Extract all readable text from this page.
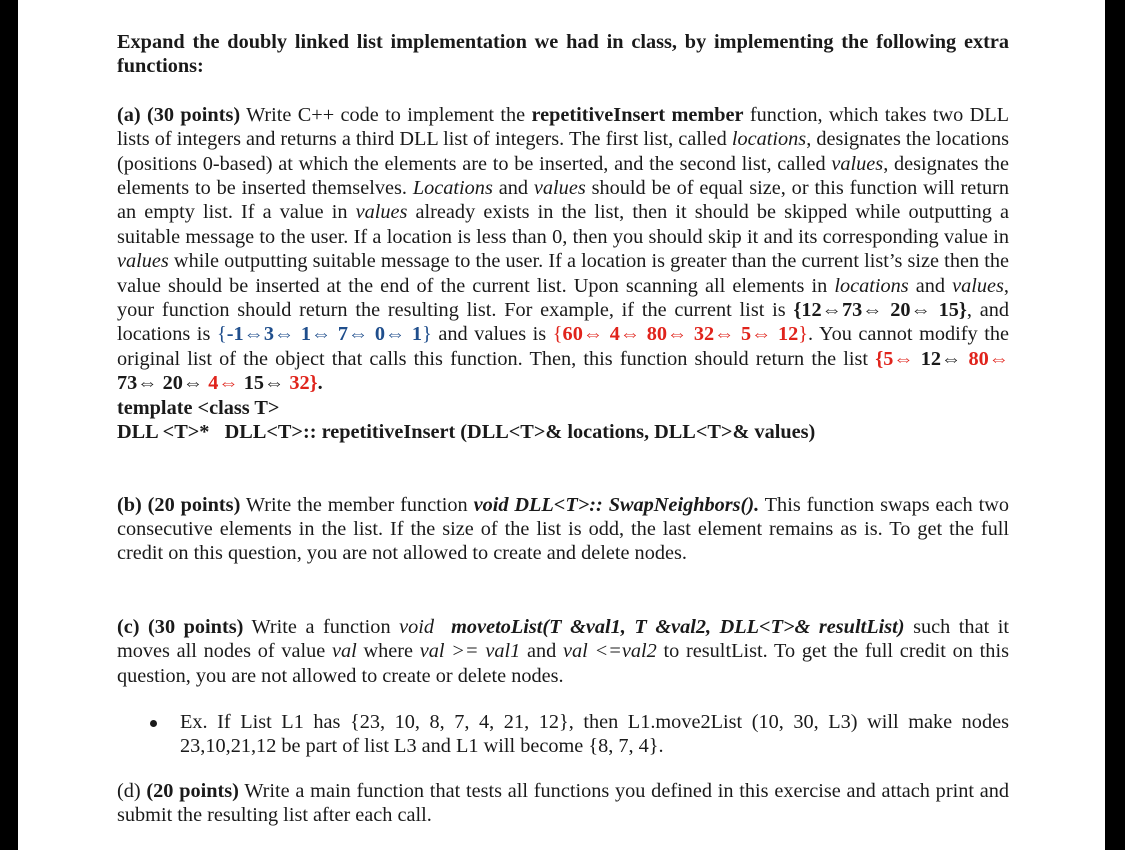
Expand the doubly linked list implementation we had in class, by implementing the following extra functions:

(a) (30 points) Write C++ code to implement the repetitiveInsert member function, which takes two DLL lists of integers and returns a third DLL list of integers. The first list, called locations, designates the locations (positions 0-based) at which the elements are to be inserted, and the second list, called values, designates the elements to be inserted themselves. Locations and values should be of equal size, or this function will return an empty list. If a value in values already exists in the list, then it should be skipped while outputting a suitable message to the user. If a location is less than 0, then you should skip it and its corresponding value in values while outputting suitable message to the user. If a location is greater than the current list’s size then the value should be inserted at the end of the current list. Upon scanning all elements in locations and values, your function should return the resulting list. For example, if the current list is {12⇔73⇔ 20⇔ 15}, and locations is {-1⇔3⇔ 1⇔ 7⇔ 0⇔ 1} and values is {60⇔ 4⇔ 80⇔ 32⇔ 5⇔ 12}. You cannot modify the original list of the object that calls this function. Then, this function should return the list {5⇔ 12⇔ 80⇔ 73⇔ 20⇔ 4⇔ 15⇔ 32}.

template <class T>

DLL <T>*   DLL<T>:: repetitiveInsert (DLL<T>& locations, DLL<T>& values)

(b) (20 points) Write the member function void DLL<T>:: SwapNeighbors(). This function swaps each two consecutive elements in the list. If the size of the list is odd, the last element remains as is. To get the full credit on this question, you are not allowed to create and delete nodes.

(c) (30 points) Write a function void movetoList(T &val1, T &val2, DLL<T>& resultList) such that it moves all nodes of value val where val >= val1 and val <=val2 to resultList. To get the full credit on this question, you are not allowed to create or delete nodes.

Ex. If List L1 has {23, 10, 8, 7, 4, 21, 12}, then L1.move2List (10, 30, L3) will make nodes 23,10,21,12 be part of list L3 and L1 will become {8, 7, 4}.

(d) (20 points) Write a main function that tests all functions you defined in this exercise and attach print and submit the resulting list after each call.
